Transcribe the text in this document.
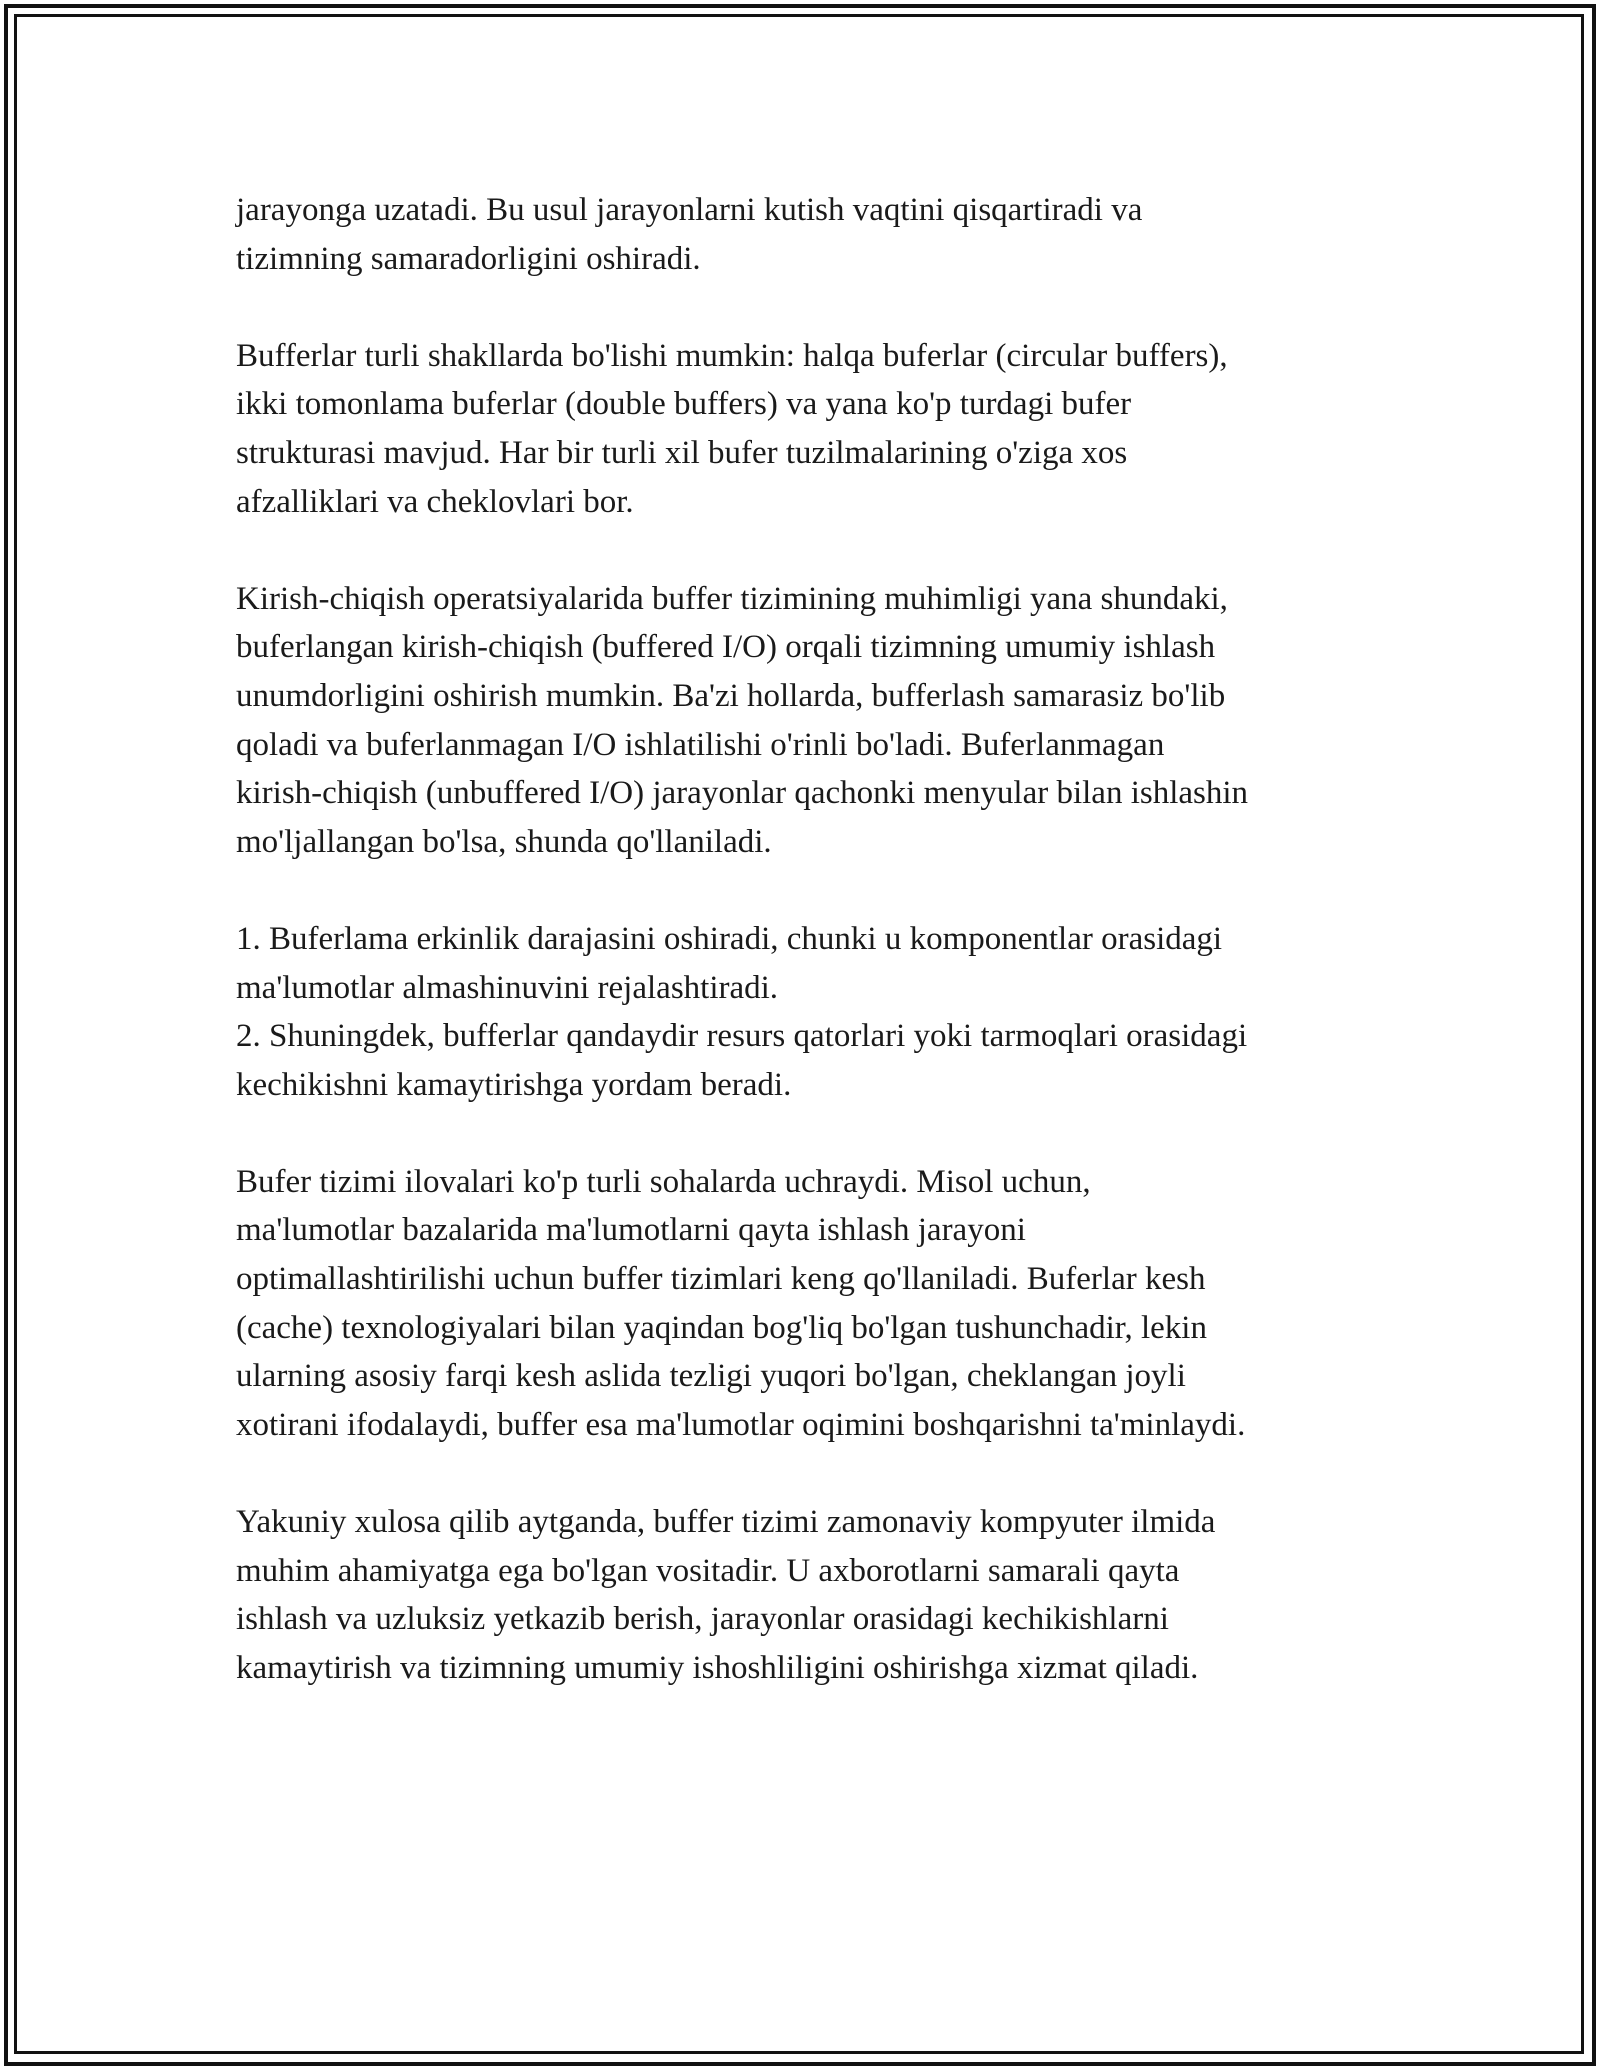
jarayonga uzatadi. Bu usul jarayonlarni kutish vaqtini qisqartiradi va
tizimning samaradorligini oshiradi.

Bufferlar turli shakllarda bo'lishi mumkin: halqa buferlar (circular buffers),
ikki tomonlama buferlar (double buffers) va yana ko'p turdagi bufer
strukturasi mavjud. Har bir turli xil bufer tuzilmalarining o'ziga xos
afzalliklari va cheklovlari bor.

Kirish-chiqish operatsiyalarida buffer tizimining muhimligi yana shundaki,
buferlangan kirish-chiqish (buffered I/O) orqali tizimning umumiy ishlash
unumdorligini oshirish mumkin. Ba'zi hollarda, bufferlash samarasiz bo'lib
qoladi va buferlanmagan I/O ishlatilishi o'rinli bo'ladi. Buferlanmagan
kirish-chiqish (unbuffered I/O) jarayonlar qachonki menyular bilan ishlashin
mo'ljallangan bo'lsa, shunda qo'llaniladi.

1. Buferlama erkinlik darajasini oshiradi, chunki u komponentlar orasidagi
ma'lumotlar almashinuvini rejalashtiradi.

2. Shuningdek, bufferlar qandaydir resurs qatorlari yoki tarmoqlari orasidagi
kechikishni kamaytirishga yordam beradi.

Bufer tizimi ilovalari ko'p turli sohalarda uchraydi. Misol uchun,
ma'lumotlar bazalarida ma'lumotlarni qayta ishlash jarayoni
optimallashtirilishi uchun buffer tizimlari keng qo'llaniladi. Buferlar kesh
(cache) texnologiyalari bilan yaqindan bog'liq bo'lgan tushunchadir, lekin
ularning asosiy farqi kesh aslida tezligi yuqori bo'lgan, cheklangan joyli
xotirani ifodalaydi, buffer esa ma'lumotlar oqimini boshqarishni ta'minlaydi.

Yakuniy xulosa qilib aytganda, buffer tizimi zamonaviy kompyuter ilmida
muhim ahamiyatga ega bo'lgan vositadir. U axborotlarni samarali qayta
ishlash va uzluksiz yetkazib berish, jarayonlar orasidagi kechikishlarni
kamaytirish va tizimning umumiy ishoshliligini oshirishga xizmat qiladi.
